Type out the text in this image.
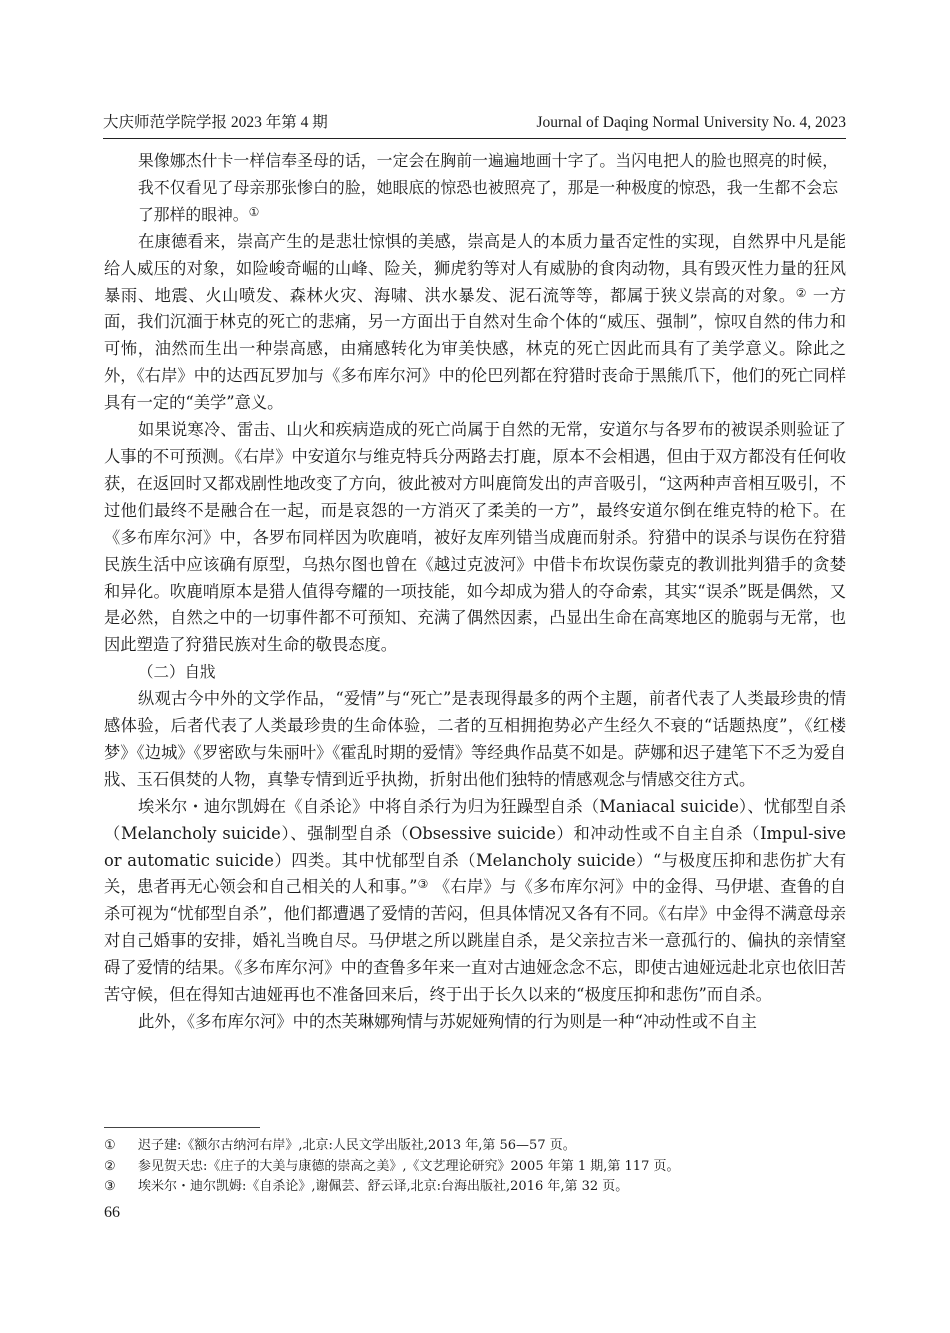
大庆师范学院学报 2023 年第 4 期	Journal of Daqing Normal University No. 4, 2023

果像娜杰什卡一样信奉圣母的话，一定会在胸前一遍遍地画十字了。当闪电把人的脸也照亮的时候，我不仅看见了母亲那张惨白的脸，她眼底的惊恐也被照亮了，那是一种极度的惊恐，我一生都不会忘了那样的眼神。①

在康德看来，崇高产生的是悲壮惊惧的美感，崇高是人的本质力量否定性的实现，自然界中凡是能给人威压的对象，如险峻奇崛的山峰、险关，狮虎豹等对人有威胁的食肉动物，具有毁灭性力量的狂风暴雨、地震、火山喷发、森林火灾、海啸、洪水暴发、泥石流等等，都属于狭义崇高的对象。② 一方面，我们沉湎于林克的死亡的悲痛，另一方面出于自然对生命个体的“威压、强制”，惊叹自然的伟力和可怖，油然而生出一种崇高感，由痛感转化为审美快感，林克的死亡因此而具有了美学意义。除此之外，《右岸》中的达西瓦罗加与《多布库尔河》中的伦巴列都在狩猎时丧命于黑熊爪下，他们的死亡同样具有一定的“美学”意义。

如果说寒冷、雷击、山火和疾病造成的死亡尚属于自然的无常，安道尔与各罗布的被误杀则验证了人事的不可预测。《右岸》中安道尔与维克特兵分两路去打鹿，原本不会相遇，但由于双方都没有任何收获，在返回时又都戏剧性地改变了方向，彼此被对方叫鹿筒发出的声音吸引，“这两种声音相互吸引，不过他们最终不是融合在一起，而是哀怨的一方消灭了柔美的一方”，最终安道尔倒在维克特的枪下。在《多布库尔河》中，各罗布同样因为吹鹿哨，被好友库列错当成鹿而射杀。狩猎中的误杀与误伤在狩猎民族生活中应该确有原型，乌热尔图也曾在《越过克波河》中借卡布坎误伤蒙克的教训批判猎手的贪婪和异化。吹鹿哨原本是猎人值得夸耀的一项技能，如今却成为猎人的夺命索，其实“误杀”既是偶然，又是必然，自然之中的一切事件都不可预知、充满了偶然因素，凸显出生命在高寒地区的脆弱与无常，也因此塑造了狩猎民族对生命的敬畏态度。

（二）自戕

纵观古今中外的文学作品，“爱情”与“死亡”是表现得最多的两个主题，前者代表了人类最珍贵的情感体验，后者代表了人类最珍贵的生命体验，二者的互相拥抱势必产生经久不衰的“话题热度”，《红楼梦》《边城》《罗密欧与朱丽叶》《霍乱时期的爱情》等经典作品莫不如是。萨娜和迟子建笔下不乏为爱自戕、玉石俱焚的人物，真挚专情到近乎执拗，折射出他们独特的情感观念与情感交往方式。

埃米尔・迪尔凯姆在《自杀论》中将自杀行为归为狂躁型自杀（Maniacal suicide）、忧郁型自杀（Melancholy suicide）、强制型自杀（Obsessive suicide）和冲动性或不自主自杀（Impul-sive or automatic suicide）四类。其中忧郁型自杀（Melancholy suicide）“与极度压抑和悲伤扩大有关，患者再无心领会和自己相关的人和事。”③ 《右岸》与《多布库尔河》中的金得、马伊堪、查鲁的自杀可视为“忧郁型自杀”，他们都遭遇了爱情的苦闷，但具体情况又各有不同。《右岸》中金得不满意母亲对自己婚事的安排，婚礼当晚自尽。马伊堪之所以跳崖自杀，是父亲拉吉米一意孤行的、偏执的亲情窒碍了爱情的结果。《多布库尔河》中的查鲁多年来一直对古迪娅念念不忘，即使古迪娅远赴北京也依旧苦苦守候，但在得知古迪娅再也不准备回来后，终于出于长久以来的“极度压抑和悲伤”而自杀。

此外，《多布库尔河》中的杰芙琳娜殉情与苏妮娅殉情的行为则是一种“冲动性或不自主

①	迟子建:《额尔古纳河右岸》,北京:人民文学出版社,2013 年,第 56—57 页。
②	参见贺天忠:《庄子的大美与康德的崇高之美》,《文艺理论研究》2005 年第 1 期,第 117 页。
③	埃米尔・迪尔凯姆:《自杀论》,谢佩芸、舒云译,北京:台海出版社,2016 年,第 32 页。
66
